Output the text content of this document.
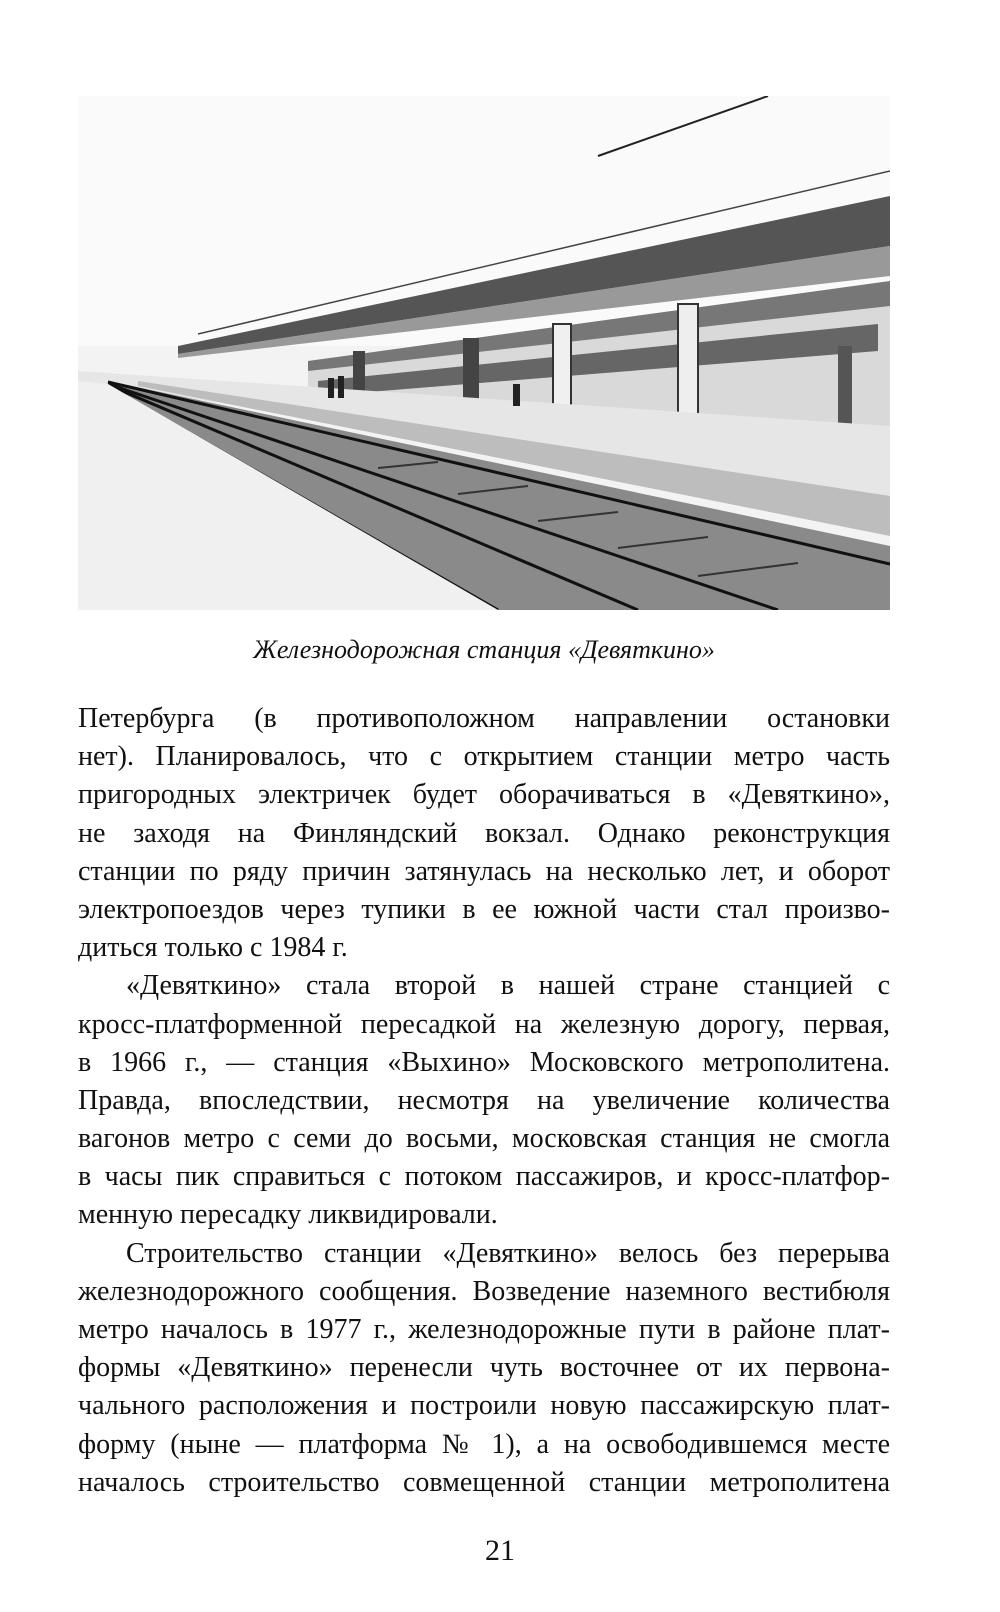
Железнодорожная станция «Девяткино»
Петербурга (в противоположном направлении остановки
нет). Планировалось, что с открытием станции метро часть
пригородных электричек будет оборачиваться в «Девяткино»,
не заходя на Финляндский вокзал. Однако реконструкция
станции по ряду причин затянулась на несколько лет, и оборот
электропоездов через тупики в ее южной части стал произво-
диться только с 1984 г.
«Девяткино» стала второй в нашей стране станцией с
кросс-платформенной пересадкой на железную дорогу, первая,
в 1966 г., — станция «Выхино» Московского метрополитена.
Правда, впоследствии, несмотря на увеличение количества
вагонов метро с семи до восьми, московская станция не смогла
в часы пик справиться с потоком пассажиров, и кросс-платфор-
менную пересадку ликвидировали.
Строительство станции «Девяткино» велось без перерыва
железнодорожного сообщения. Возведение наземного вестибюля
метро началось в 1977 г., железнодорожные пути в районе плат-
формы «Девяткино» перенесли чуть восточнее от их первона-
чального расположения и построили новую пассажирскую плат-
форму (ныне — платформа № 1), а на освободившемся месте
началось строительство совмещенной станции метрополитена
21
